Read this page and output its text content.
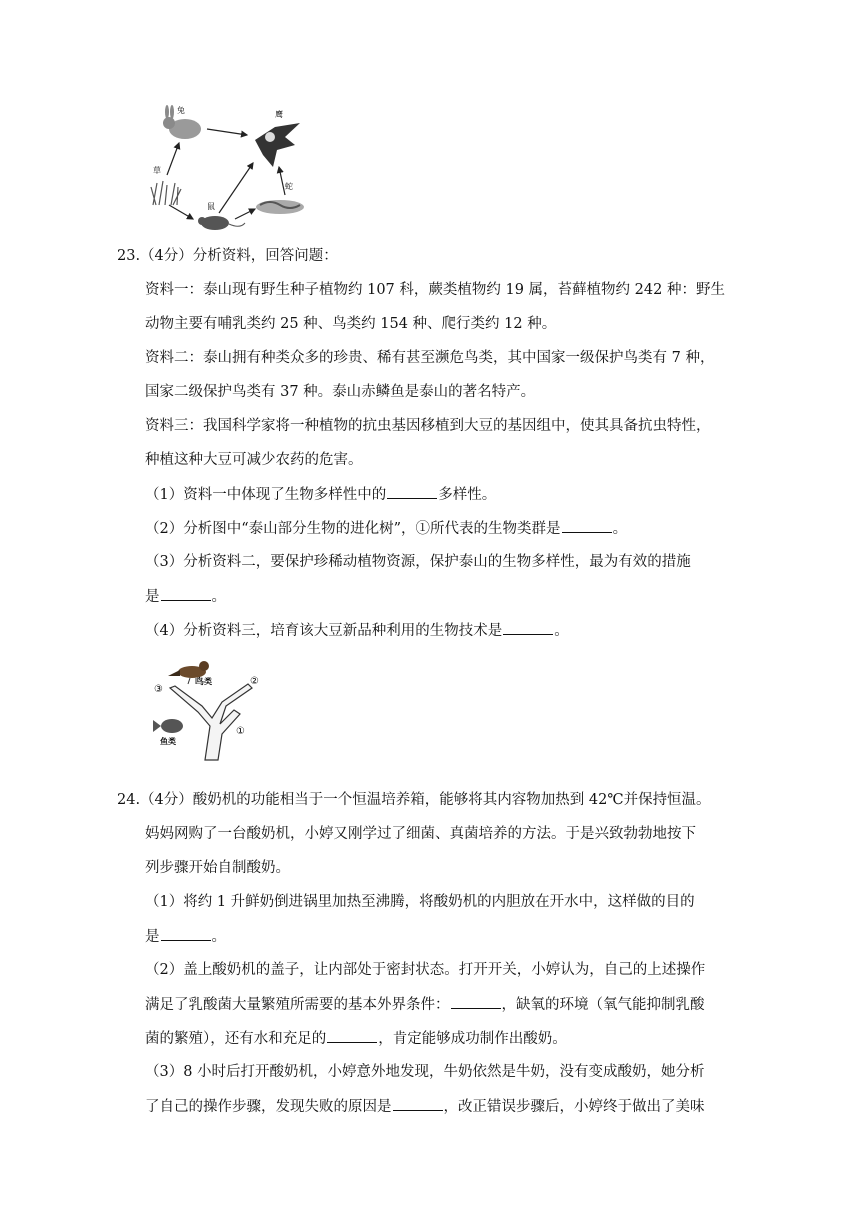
兔	鹰
草
鼠
蛇
23.（4分）分析资料，回答问题：
资料一：泰山现有野生种子植物约 107 科，蕨类植物约 19 属，苔藓植物约 242 种：野生
动物主要有哺乳类约 25 种、鸟类约 154 种、爬行类约 12 种。
资料二：泰山拥有种类众多的珍贵、稀有甚至濒危鸟类，其中国家一级保护鸟类有 7 种，
国家二级保护鸟类有 37 种。泰山赤鳞鱼是泰山的著名特产。
资料三：我国科学家将一种植物的抗虫基因移植到大豆的基因组中，使其具备抗虫特性，
种植这种大豆可减少农药的危害。
（1）资料一中体现了生物多样性中的	多样性。
（2）分析图中“泰山部分生物的进化树”，①所代表的生物类群是	。
（3）分析资料二，要保护珍稀动植物资源，保护泰山的生物多样性，最为有效的措施
是	。
（4）分析资料三，培育该大豆新品种利用的生物技术是	。
鸟类
鱼类
①
②
③
24.（4分）酸奶机的功能相当于一个恒温培养箱，能够将其内容物加热到 42℃并保持恒温。
妈妈网购了一台酸奶机，小婷又刚学过了细菌、真菌培养的方法。于是兴致勃勃地按下
列步骤开始自制酸奶。
（1）将约 1 升鲜奶倒进锅里加热至沸腾，将酸奶机的内胆放在开水中，这样做的目的
是	。
（2）盖上酸奶机的盖子，让内部处于密封状态。打开开关，小婷认为，自己的上述操作
满足了乳酸菌大量繁殖所需要的基本外界条件：	，缺氧的环境（氧气能抑制乳酸
菌的繁殖），还有水和充足的	，肯定能够成功制作出酸奶。
（3）8 小时后打开酸奶机，小婷意外地发现，牛奶依然是牛奶，没有变成酸奶，她分析
了自己的操作步骤，发现失败的原因是	，改正错误步骤后，小婷终于做出了美味
